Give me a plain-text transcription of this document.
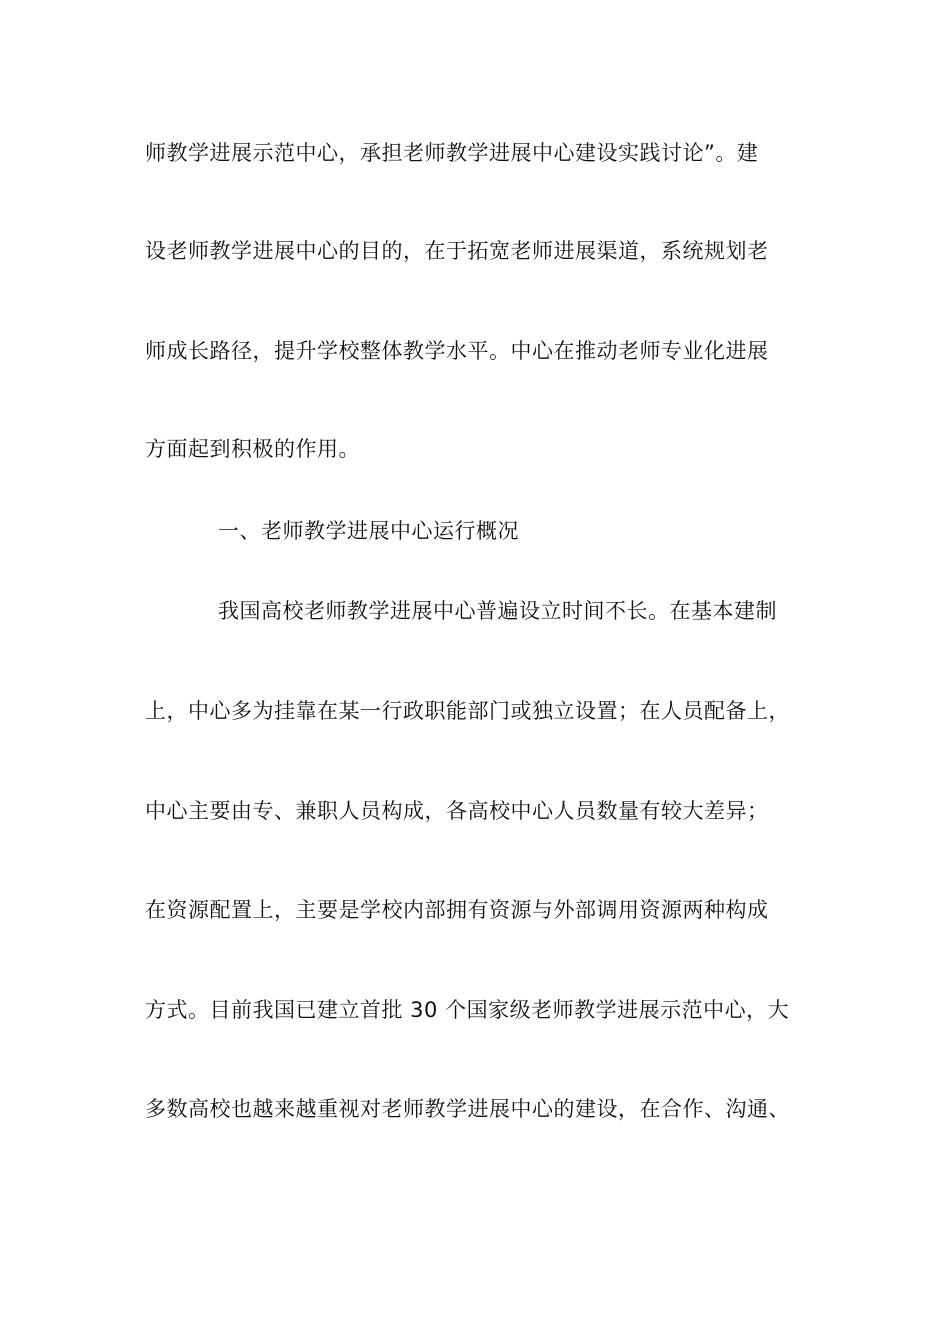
师教学进展示范中心，承担老师教学进展中心建设实践讨论”。建
设老师教学进展中心的目的，在于拓宽老师进展渠道，系统规划老
师成长路径，提升学校整体教学水平。中心在推动老师专业化进展
方面起到积极的作用。
一、老师教学进展中心运行概况
我国高校老师教学进展中心普遍设立时间不长。在基本建制
上，中心多为挂靠在某一行政职能部门或独立设置；在人员配备上，
中心主要由专、兼职人员构成，各高校中心人员数量有较大差异；
在资源配置上，主要是学校内部拥有资源与外部调用资源两种构成
方式。目前我国已建立首批 30 个国家级老师教学进展示范中心，大
多数高校也越来越重视对老师教学进展中心的建设，在合作、沟通、
